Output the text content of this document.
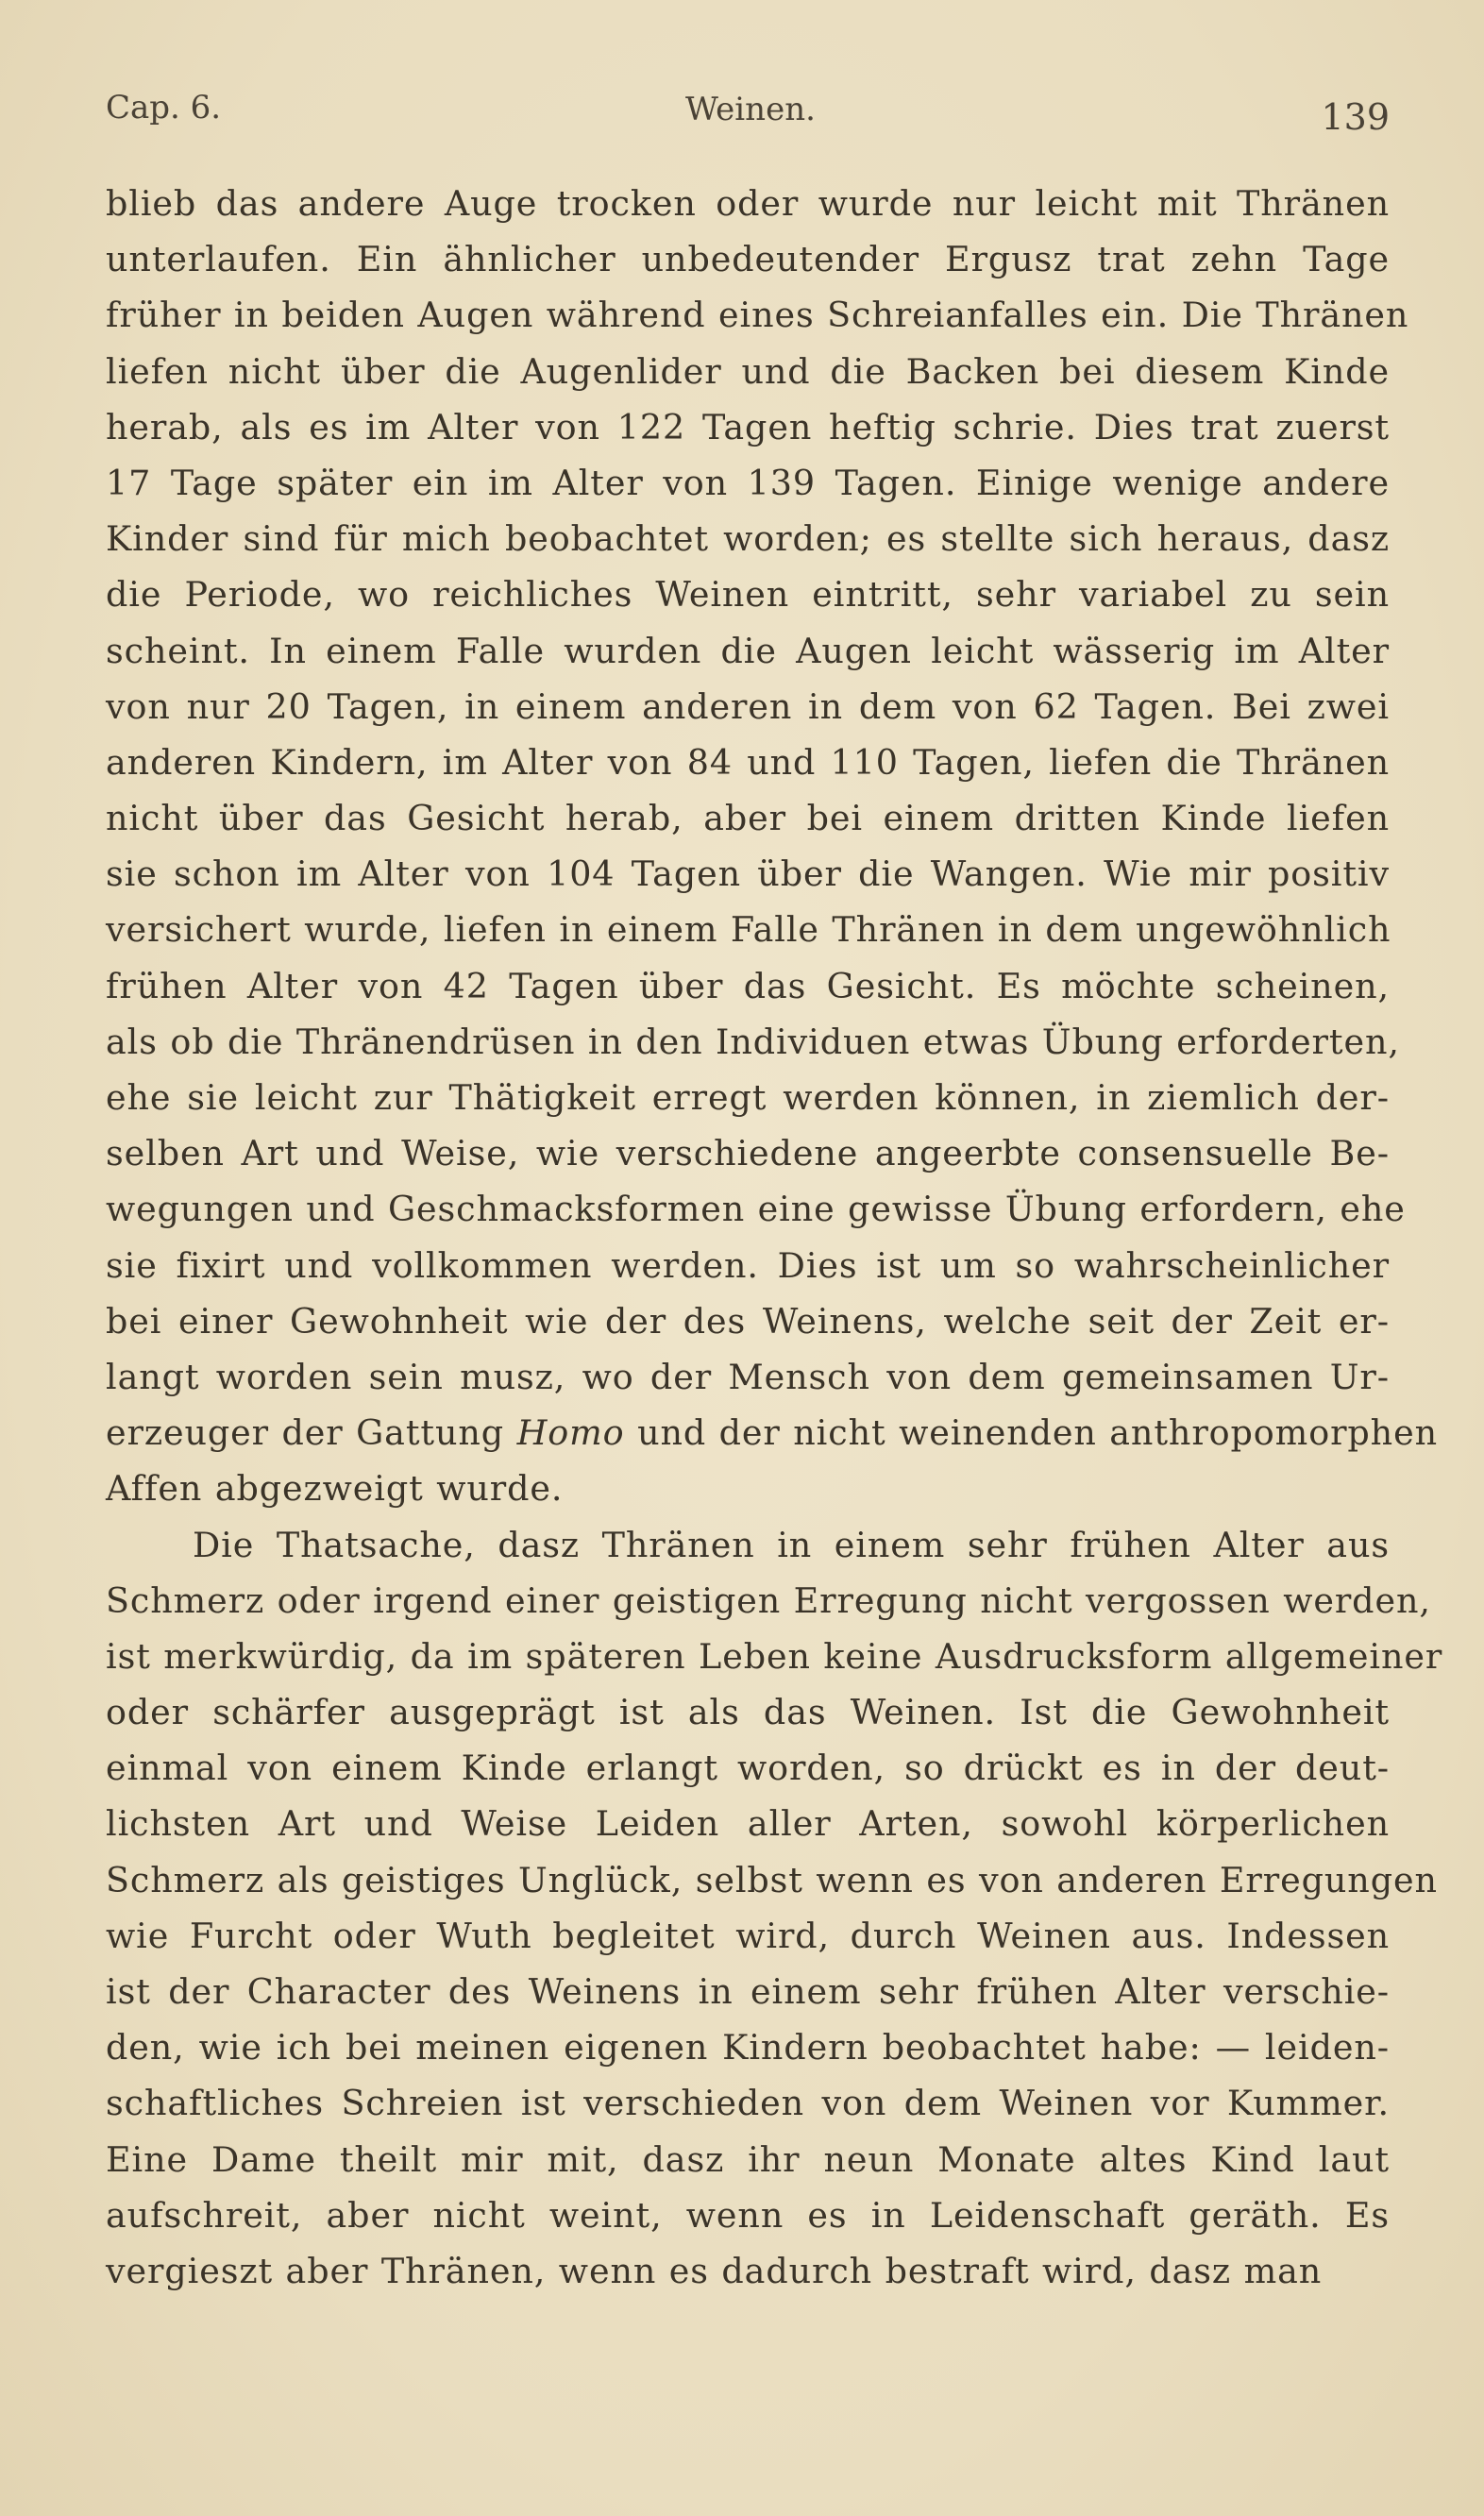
Cap. 6.	Weinen.	139
blieb das andere Auge trocken oder wurde nur leicht mit Thränen
unterlaufen. Ein ähnlicher unbedeutender Ergusz trat zehn Tage
früher in beiden Augen während eines Schreianfalles ein. Die Thränen
liefen nicht über die Augenlider und die Backen bei diesem Kinde
herab, als es im Alter von 122 Tagen heftig schrie. Dies trat zuerst
17 Tage später ein im Alter von 139 Tagen. Einige wenige andere
Kinder sind für mich beobachtet worden; es stellte sich heraus, dasz
die Periode, wo reichliches Weinen eintritt, sehr variabel zu sein
scheint. In einem Falle wurden die Augen leicht wässerig im Alter
von nur 20 Tagen, in einem anderen in dem von 62 Tagen. Bei zwei
anderen Kindern, im Alter von 84 und 110 Tagen, liefen die Thränen
nicht über das Gesicht herab, aber bei einem dritten Kinde liefen
sie schon im Alter von 104 Tagen über die Wangen. Wie mir positiv
versichert wurde, liefen in einem Falle Thränen in dem ungewöhnlich
frühen Alter von 42 Tagen über das Gesicht. Es möchte scheinen,
als ob die Thränendrüsen in den Individuen etwas Übung erforderten,
ehe sie leicht zur Thätigkeit erregt werden können, in ziemlich der-
selben Art und Weise, wie verschiedene angeerbte consensuelle Be-
wegungen und Geschmacksformen eine gewisse Übung erfordern, ehe
sie fixirt und vollkommen werden. Dies ist um so wahrscheinlicher
bei einer Gewohnheit wie der des Weinens, welche seit der Zeit er-
langt worden sein musz, wo der Mensch von dem gemeinsamen Ur-
erzeuger der Gattung Homo und der nicht weinenden anthropomorphen
Affen abgezweigt wurde.
Die Thatsache, dasz Thränen in einem sehr frühen Alter aus
Schmerz oder irgend einer geistigen Erregung nicht vergossen werden,
ist merkwürdig, da im späteren Leben keine Ausdrucksform allgemeiner
oder schärfer ausgeprägt ist als das Weinen. Ist die Gewohnheit
einmal von einem Kinde erlangt worden, so drückt es in der deut-
lichsten Art und Weise Leiden aller Arten, sowohl körperlichen
Schmerz als geistiges Unglück, selbst wenn es von anderen Erregungen
wie Furcht oder Wuth begleitet wird, durch Weinen aus. Indessen
ist der Character des Weinens in einem sehr frühen Alter verschie-
den, wie ich bei meinen eigenen Kindern beobachtet habe: — leiden-
schaftliches Schreien ist verschieden von dem Weinen vor Kummer.
Eine Dame theilt mir mit, dasz ihr neun Monate altes Kind laut
aufschreit, aber nicht weint, wenn es in Leidenschaft geräth. Es
vergieszt aber Thränen, wenn es dadurch bestraft wird, dasz man
